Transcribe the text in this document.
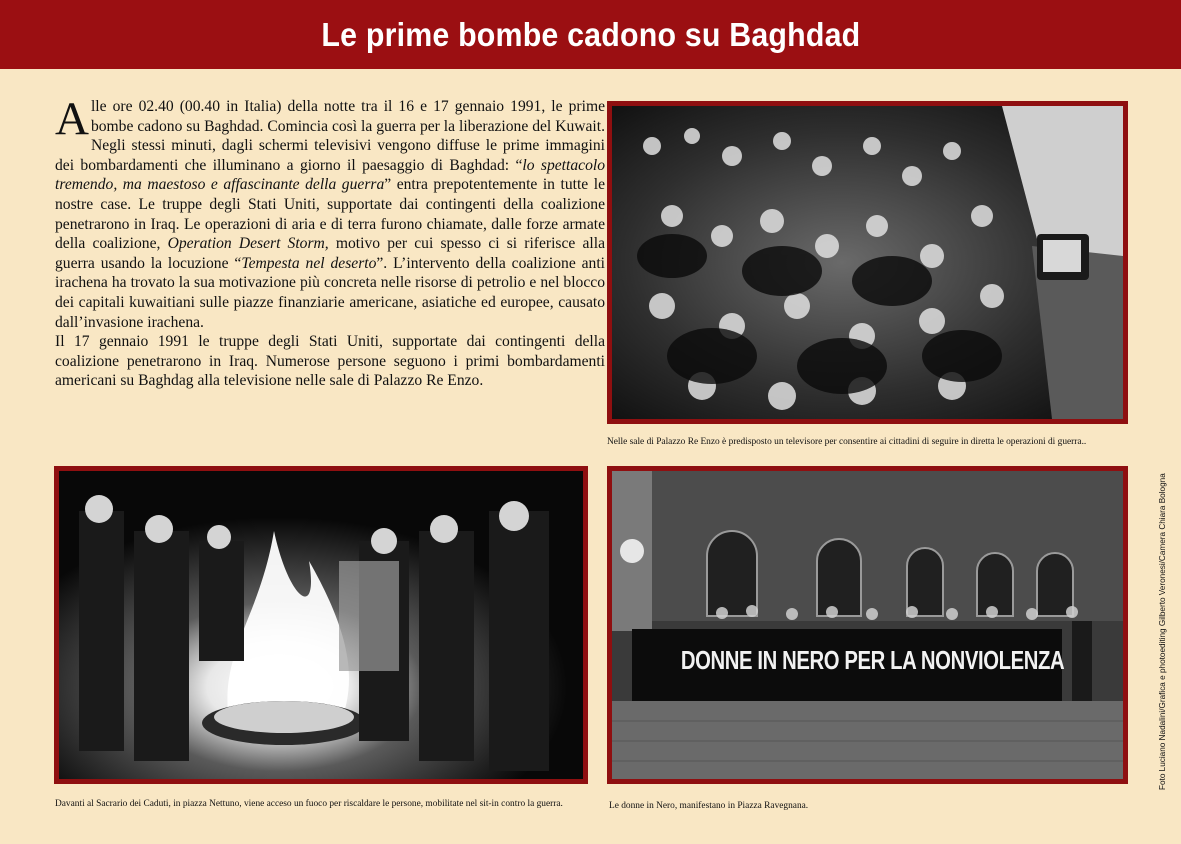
Le prime bombe cadono su Baghdad

Alle ore 02.40 (00.40 in Italia) della notte tra il 16 e 17 gennaio 1991, le prime bombe cadono su Baghdad. Comincia così la guerra per la liberazione del Kuwait. Negli stessi minuti, dagli schermi televisivi vengono diffuse le prime immagini dei bombardamenti che illuminano a giorno il paesaggio di Baghdad: “lo spettacolo tremendo, ma maestoso e affascinante della guerra” entra prepotentemente in tutte le nostre case. Le truppe degli Stati Uniti, supportate dai contingenti della coalizione penetrarono in Iraq. Le operazioni di aria e di terra furono chiamate, dalle forze armate della coalizione, Operation Desert Storm, motivo per cui spesso ci si riferisce alla guerra usando la locuzione “Tempesta nel deserto”. L’intervento della coalizione anti irachena ha trovato la sua motivazione più concreta nelle risorse di petrolio e nel blocco dei capitali kuwaitiani sulle piazze finanziarie americane, asiatiche ed europee, causato dall’invasione irachena.

Il 17 gennaio 1991 le truppe degli Stati Uniti, supportate dai contingenti della coalizione penetrarono in Iraq. Numerose persone seguono i primi bombardamenti americani su Baghdag alla televisione nelle sale di Palazzo Re Enzo.

Nelle sale di Palazzo Re Enzo è predisposto un televisore per consentire ai cittadini di seguire in diretta le operazioni di guerra..
Davanti al Sacrario dei Caduti, in piazza Nettuno, viene acceso un fuoco per riscaldare le persone, mobilitate nel sit-in contro la guerra.
DONNE IN NERO PER LA NONVIOLENZA
Le donne in Nero, manifestano in Piazza Ravegnana.
Foto Luciano Nadalini/Grafica e photoediting Gilberto Veronesi/Camera Chiara Bologna
